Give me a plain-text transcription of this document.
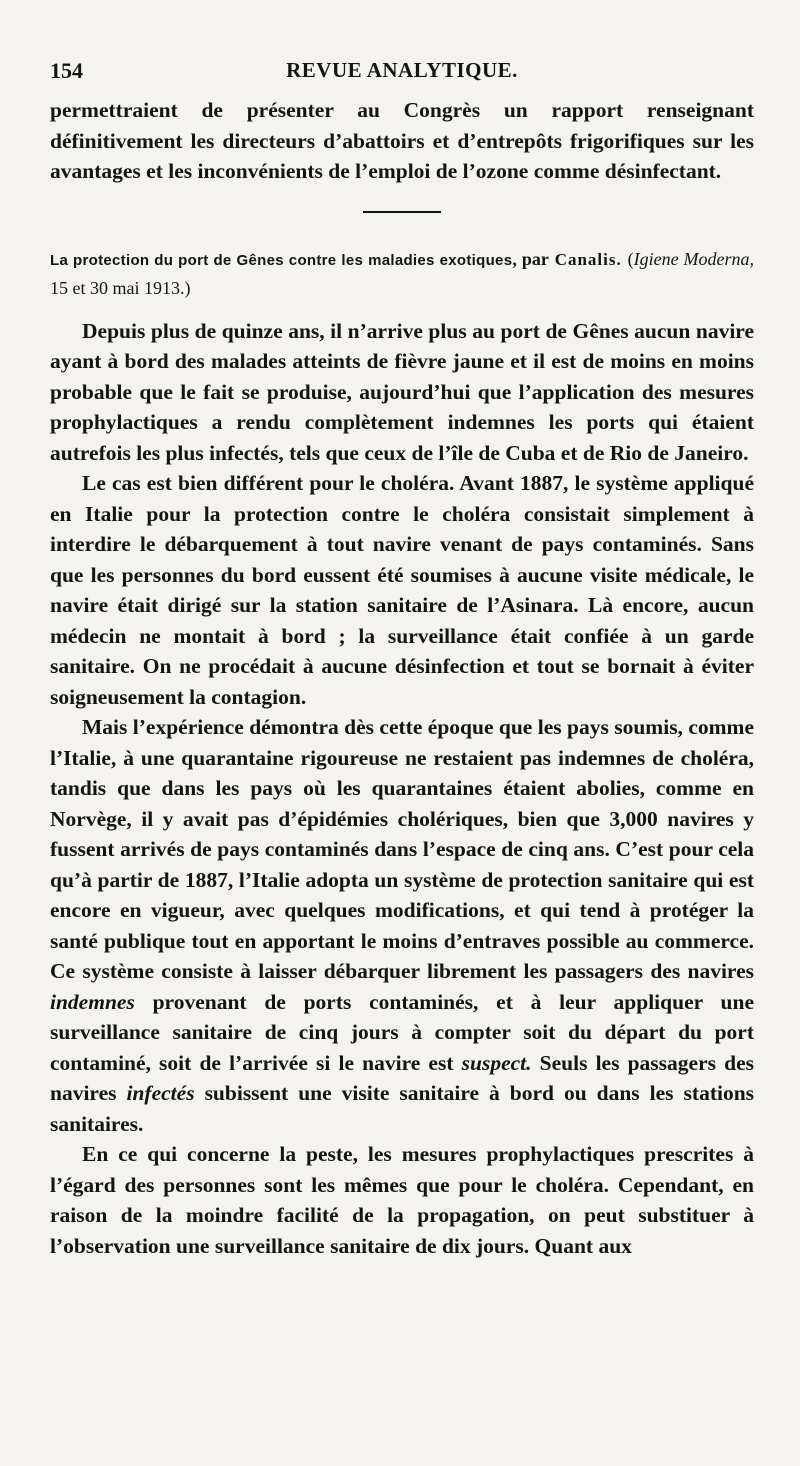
154	REVUE ANALYTIQUE.

permettraient de présenter au Congrès un rapport renseignant définitivement les directeurs d’abattoirs et d’entrepôts frigorifiques sur les avantages et les inconvénients de l’emploi de l’ozone comme désinfectant.

La protection du port de Gênes contre les maladies exotiques, par Canalis. (Igiene Moderna, 15 et 30 mai 1913.)

Depuis plus de quinze ans, il n’arrive plus au port de Gênes aucun navire ayant à bord des malades atteints de fièvre jaune et il est de moins en moins probable que le fait se produise, aujourd’hui que l’application des mesures prophylactiques a rendu complètement indemnes les ports qui étaient autrefois les plus infectés, tels que ceux de l’île de Cuba et de Rio de Janeiro.

Le cas est bien différent pour le choléra. Avant 1887, le système appliqué en Italie pour la protection contre le choléra consistait simplement à interdire le débarquement à tout navire venant de pays contaminés. Sans que les personnes du bord eussent été soumises à aucune visite médicale, le navire était dirigé sur la station sanitaire de l’Asinara. Là encore, aucun médecin ne montait à bord ; la surveillance était confiée à un garde sanitaire. On ne procédait à aucune désinfection et tout se bornait à éviter soigneusement la contagion.

Mais l’expérience démontra dès cette époque que les pays soumis, comme l’Italie, à une quarantaine rigoureuse ne restaient pas indemnes de choléra, tandis que dans les pays où les quarantaines étaient abolies, comme en Norvège, il y avait pas d’épidémies cholériques, bien que 3,000 navires y fussent arrivés de pays contaminés dans l’espace de cinq ans. C’est pour cela qu’à partir de 1887, l’Italie adopta un système de protection sanitaire qui est encore en vigueur, avec quelques modifications, et qui tend à protéger la santé publique tout en apportant le moins d’entraves possible au commerce. Ce système consiste à laisser débarquer librement les passagers des navires indemnes provenant de ports contaminés, et à leur appliquer une surveillance sanitaire de cinq jours à compter soit du départ du port contaminé, soit de l’arrivée si le navire est suspect. Seuls les passagers des navires infectés subissent une visite sanitaire à bord ou dans les stations sanitaires.

En ce qui concerne la peste, les mesures prophylactiques prescrites à l’égard des personnes sont les mêmes que pour le choléra. Cependant, en raison de la moindre facilité de la propagation, on peut substituer à l’observation une surveillance sanitaire de dix jours. Quant aux
